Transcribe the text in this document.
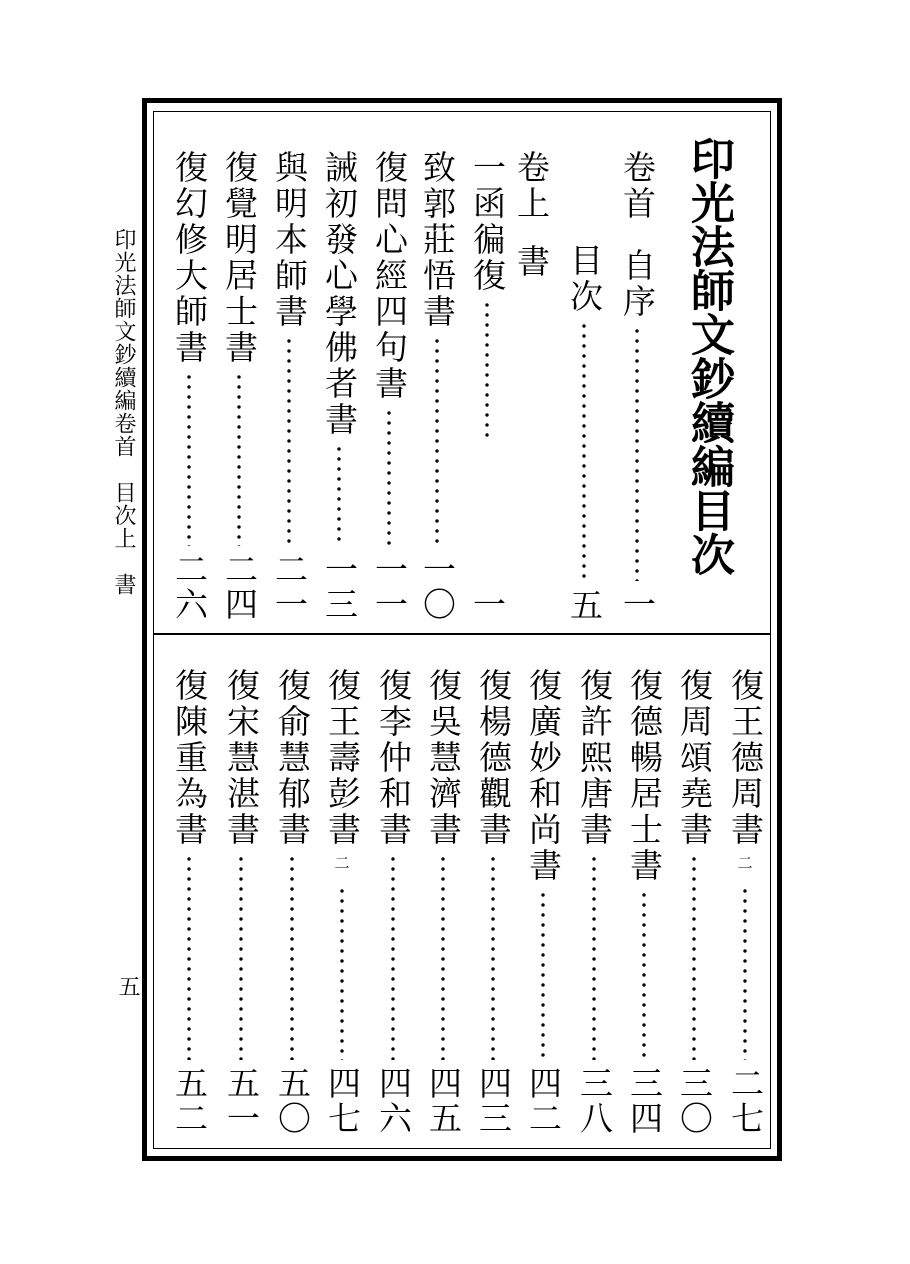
印光法師文鈔續編卷首　目次上　書
五
印光法師文鈔續編目次
卷首
自序
一
目次
五
卷上
書
一函徧復
一
致郭莊悟書
一〇
復問心經四句書
一一
誡初發心學佛者書
一三
與明本師書
二一
復覺明居士書
二四
復幻修大師書
二六
復王德周書
二
二七
復周頌堯書
三〇
復德暢居士書
三四
復許熙唐書
三八
復廣妙和尚書
四二
復楊德觀書
四三
復吳慧濟書
四五
復李仲和書
四六
復王壽彭書
二
四七
復俞慧郁書
五〇
復宋慧湛書
五一
復陳重為書
五二
